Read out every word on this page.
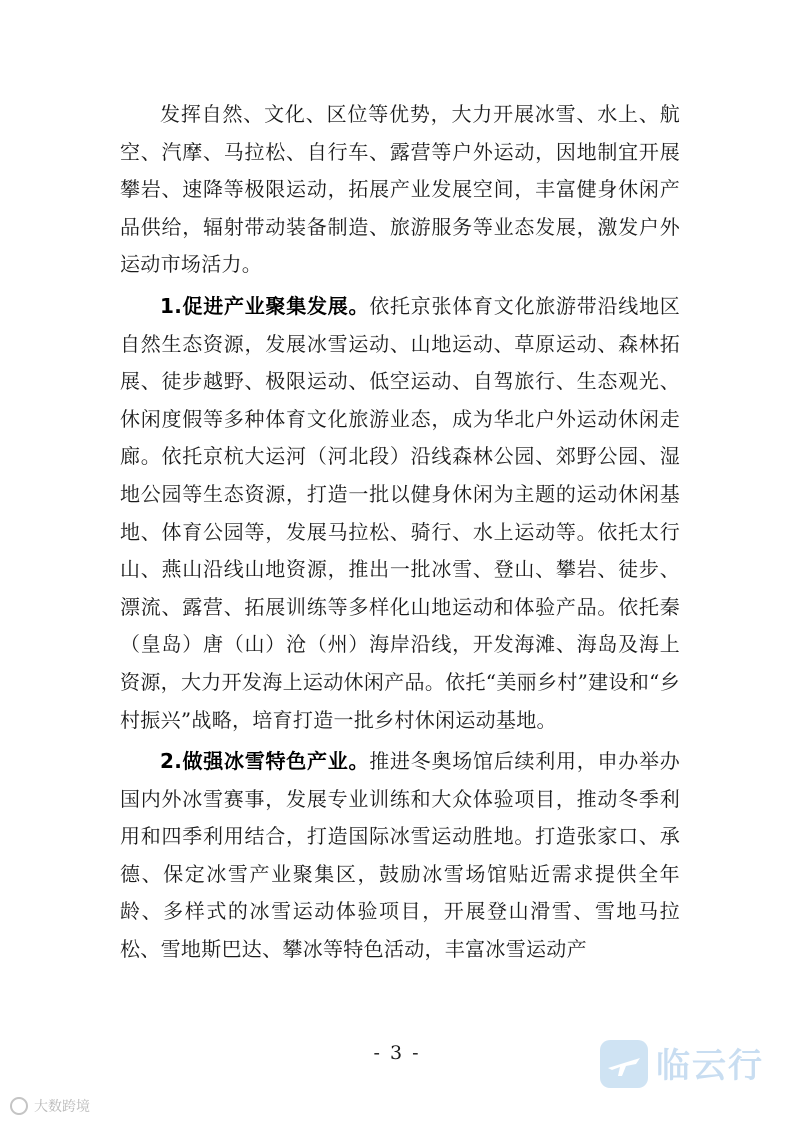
发挥自然、文化、区位等优势，大力开展冰雪、水上、航空、汽摩、马拉松、自行车、露营等户外运动，因地制宜开展攀岩、速降等极限运动，拓展产业发展空间，丰富健身休闲产品供给，辐射带动装备制造、旅游服务等业态发展，激发户外运动市场活力。

1.促进产业聚集发展。依托京张体育文化旅游带沿线地区自然生态资源，发展冰雪运动、山地运动、草原运动、森林拓展、徒步越野、极限运动、低空运动、自驾旅行、生态观光、休闲度假等多种体育文化旅游业态，成为华北户外运动休闲走廊。依托京杭大运河（河北段）沿线森林公园、郊野公园、湿地公园等生态资源，打造一批以健身休闲为主题的运动休闲基地、体育公园等，发展马拉松、骑行、水上运动等。依托太行山、燕山沿线山地资源，推出一批冰雪、登山、攀岩、徒步、漂流、露营、拓展训练等多样化山地运动和体验产品。依托秦（皇岛）唐（山）沧（州）海岸沿线，开发海滩、海岛及海上资源，大力开发海上运动休闲产品。依托“美丽乡村”建设和“乡村振兴”战略，培育打造一批乡村休闲运动基地。

2.做强冰雪特色产业。推进冬奥场馆后续利用，申办举办国内外冰雪赛事，发展专业训练和大众体验项目，推动冬季利用和四季利用结合，打造国际冰雪运动胜地。打造张家口、承德、保定冰雪产业聚集区，鼓励冰雪场馆贴近需求提供全年龄、多样式的冰雪运动体验项目，开展登山滑雪、雪地马拉松、雪地斯巴达、攀冰等特色活动，丰富冰雪运动产

- 3 -
大数跨境
临云行
